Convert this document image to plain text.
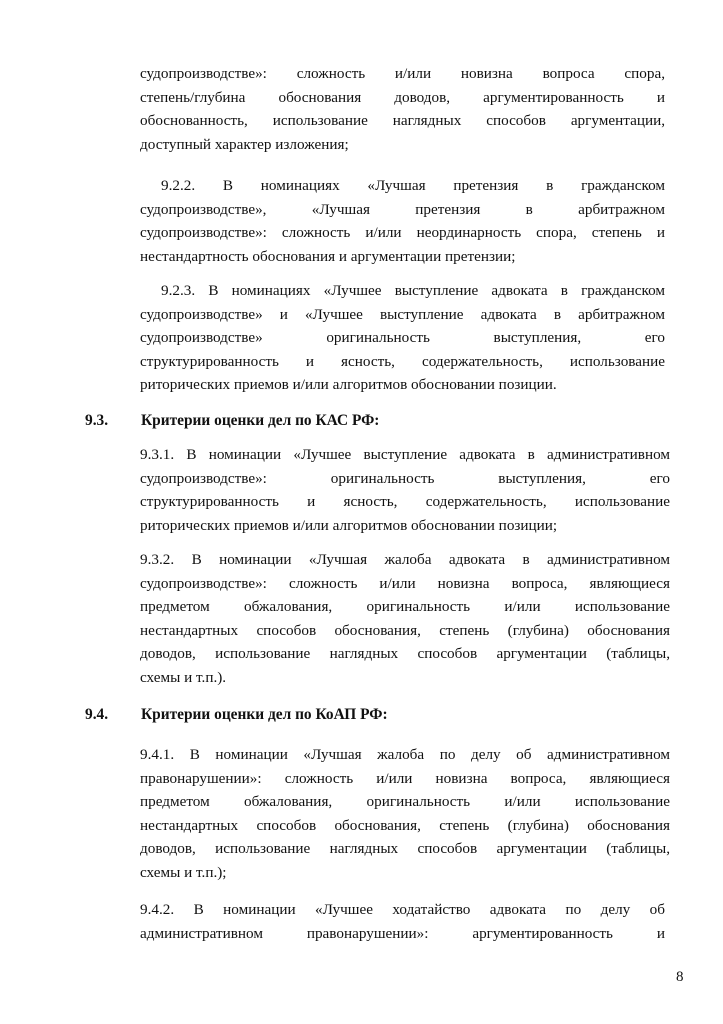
судопроизводстве»: сложность и/или новизна вопроса спора,
степень/глубина обоснования доводов, аргументированность и
обоснованность, использование наглядных способов аргументации,
доступный характер изложения;
9.2.2. В номинациях «Лучшая претензия в гражданском
судопроизводстве», «Лучшая претензия в арбитражном
судопроизводстве»: сложность и/или неординарность спора, степень и
нестандартность обоснования и аргументации претензии;
9.2.3. В номинациях «Лучшее выступление адвоката в гражданском
судопроизводстве» и «Лучшее выступление адвоката в арбитражном
судопроизводстве» оригинальность выступления, его
структурированность и ясность, содержательность, использование
риторических приемов и/или алгоритмов обосновании позиции.
9.3. Критерии оценки дел по КАС РФ:
9.3.1. В номинации «Лучшее выступление адвоката в административном
судопроизводстве»: оригинальность выступления, его
структурированность и ясность, содержательность, использование
риторических приемов и/или алгоритмов обосновании позиции;
9.3.2. В номинации «Лучшая жалоба адвоката в административном
судопроизводстве»: сложность и/или новизна вопроса, являющиеся
предметом обжалования, оригинальность и/или использование
нестандартных способов обоснования, степень (глубина) обоснования
доводов, использование наглядных способов аргументации (таблицы,
схемы и т.п.).
9.4. Критерии оценки дел по КоАП РФ:
9.4.1. В номинации «Лучшая жалоба по делу об административном
правонарушении»: сложность и/или новизна вопроса, являющиеся
предметом обжалования, оригинальность и/или использование
нестандартных способов обоснования, степень (глубина) обоснования
доводов, использование наглядных способов аргументации (таблицы,
схемы и т.п.);
9.4.2. В номинации «Лучшее ходатайство адвоката по делу об
административном правонарушении»: аргументированность и
8
